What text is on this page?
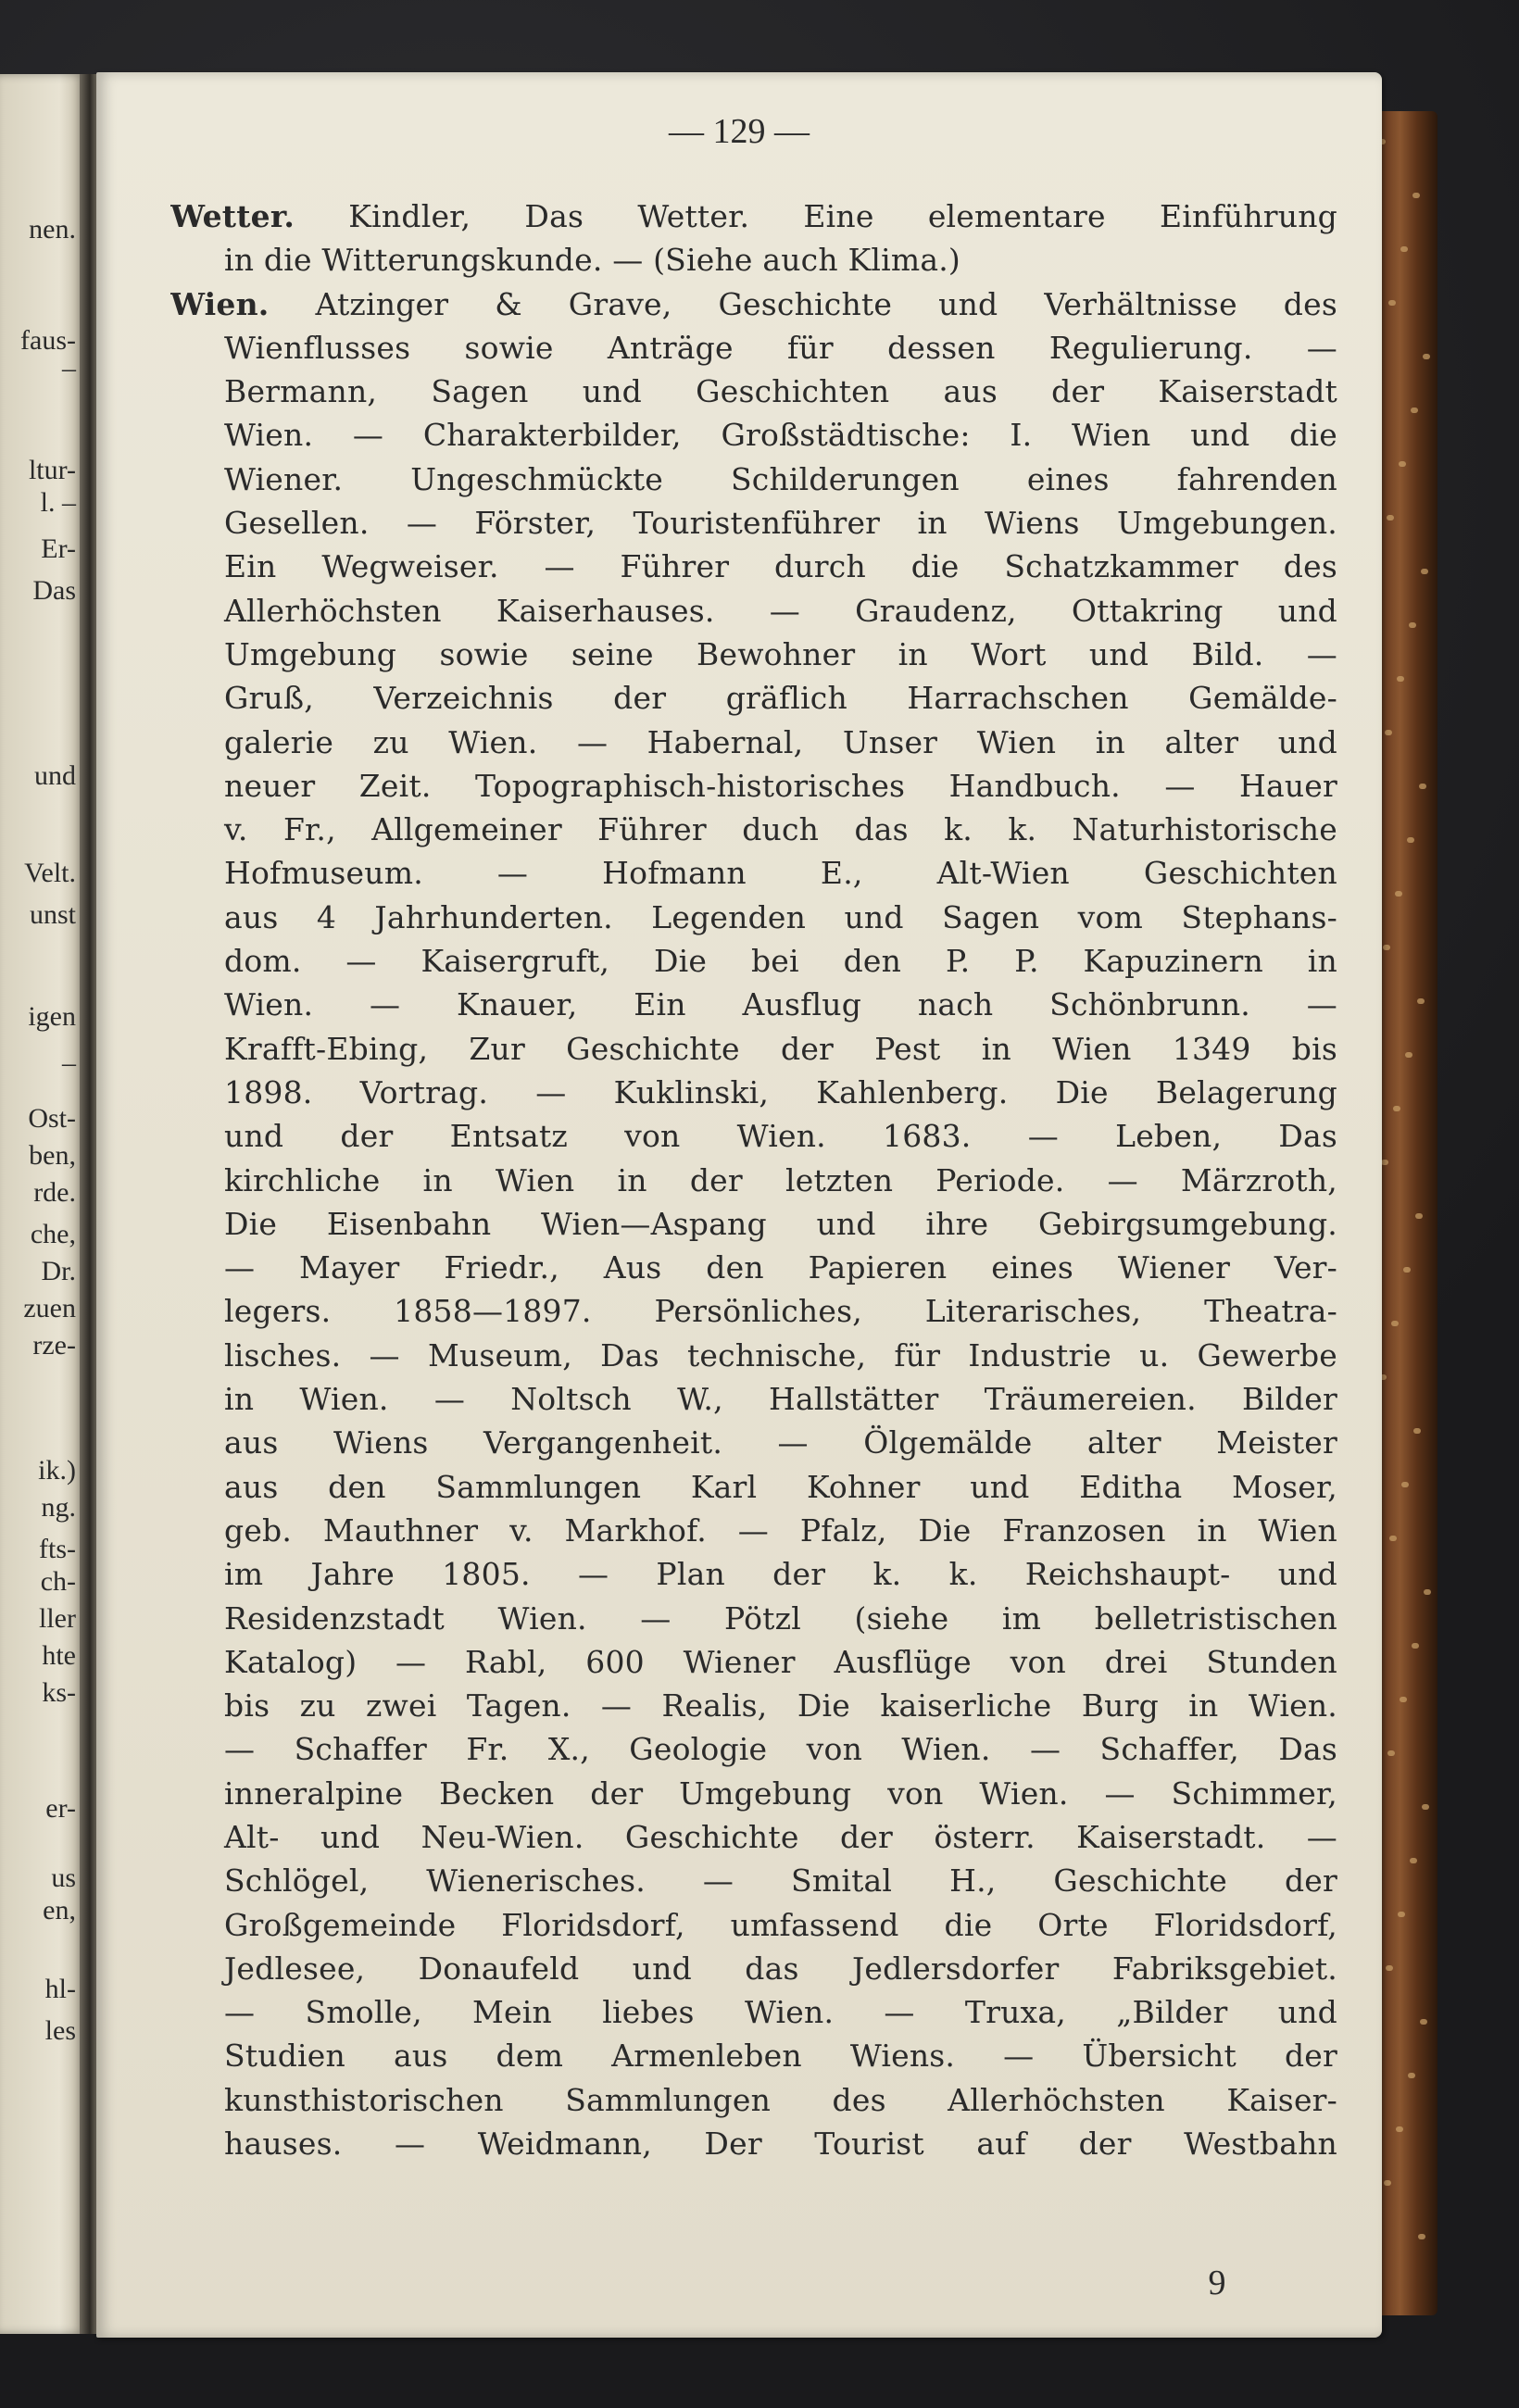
nen.
faus-
–
ltur-
l. –
Er-
Das
und
Velt.
unst
igen
–
Ost-
ben,
rde.
che,
Dr.
zuen
rze-
ik.)
ng.
fts-
ch-
ller
hte
ks-
er-
us
en,
hl-
les
— 129 —
Wetter. Kindler, Das Wetter. Eine elementare Einführung
in die Witterungskunde. — (Siehe auch Klima.)
Wien. Atzinger & Grave, Geschichte und Verhältnisse des
Wienflusses sowie Anträge für dessen Regulierung. —
Bermann, Sagen und Geschichten aus der Kaiserstadt
Wien. — Charakterbilder, Großstädtische: I. Wien und die
Wiener. Ungeschmückte Schilderungen eines fahrenden
Gesellen. — Förster, Touristenführer in Wiens Umgebungen.
Ein Wegweiser. — Führer durch die Schatzkammer des
Allerhöchsten Kaiserhauses. — Graudenz, Ottakring und
Umgebung sowie seine Bewohner in Wort und Bild. —
Gruß, Verzeichnis der gräflich Harrachschen Gemälde-
galerie zu Wien. — Habernal, Unser Wien in alter und
neuer Zeit. Topographisch-historisches Handbuch. — Hauer
v. Fr., Allgemeiner Führer duch das k. k. Naturhistorische
Hofmuseum. — Hofmann E., Alt-Wien Geschichten
aus 4 Jahrhunderten. Legenden und Sagen vom Stephans-
dom. — Kaisergruft, Die bei den P. P. Kapuzinern in
Wien. — Knauer, Ein Ausflug nach Schönbrunn. —
Krafft-Ebing, Zur Geschichte der Pest in Wien 1349 bis
1898. Vortrag. — Kuklinski, Kahlenberg. Die Belagerung
und der Entsatz von Wien. 1683. — Leben, Das
kirchliche in Wien in der letzten Periode. — Märzroth,
Die Eisenbahn Wien—Aspang und ihre Gebirgsumgebung.
— Mayer Friedr., Aus den Papieren eines Wiener Ver-
legers. 1858—1897. Persönliches, Literarisches, Theatra-
lisches. — Museum, Das technische, für Industrie u. Gewerbe
in Wien. — Noltsch W., Hallstätter Träumereien. Bilder
aus Wiens Vergangenheit. — Ölgemälde alter Meister
aus den Sammlungen Karl Kohner und Editha Moser,
geb. Mauthner v. Markhof. — Pfalz, Die Franzosen in Wien
im Jahre 1805. — Plan der k. k. Reichshaupt- und
Residenzstadt Wien. — Pötzl (siehe im belletristischen
Katalog) — Rabl, 600 Wiener Ausflüge von drei Stunden
bis zu zwei Tagen. — Realis, Die kaiserliche Burg in Wien.
— Schaffer Fr. X., Geologie von Wien. — Schaffer, Das
inneralpine Becken der Umgebung von Wien. — Schimmer,
Alt- und Neu-Wien. Geschichte der österr. Kaiserstadt. —
Schlögel, Wienerisches. — Smital H., Geschichte der
Großgemeinde Floridsdorf, umfassend die Orte Floridsdorf,
Jedlesee, Donaufeld und das Jedlersdorfer Fabriksgebiet.
— Smolle, Mein liebes Wien. — Truxa, „Bilder und
Studien aus dem Armenleben Wiens. — Übersicht der
kunsthistorischen Sammlungen des Allerhöchsten Kaiser-
hauses. — Weidmann, Der Tourist auf der Westbahn
9
